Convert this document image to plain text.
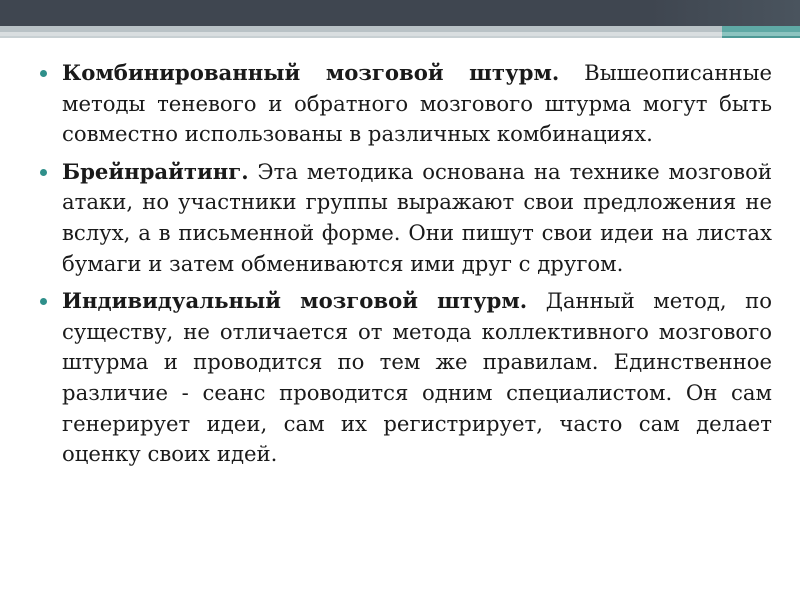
Комбинированный мозговой штурм. Вышеописанные методы теневого и обратного мозгового штурма могут быть совместно использованы в различных комбинациях.
Брейнрайтинг. Эта методика основана на технике мозговой атаки, но участники группы выражают свои предложения не вслух, а в письменной форме. Они пишут свои идеи на листах бумаги и затем обмениваются ими друг с другом.
Индивидуальный мозговой штурм. Данный метод, по существу, не отличается от метода коллективного мозгового штурма и проводится по тем же правилам. Единственное различие - сеанс проводится одним специалистом. Он сам генерирует идеи, сам их регистрирует, часто сам делает оценку своих идей.
